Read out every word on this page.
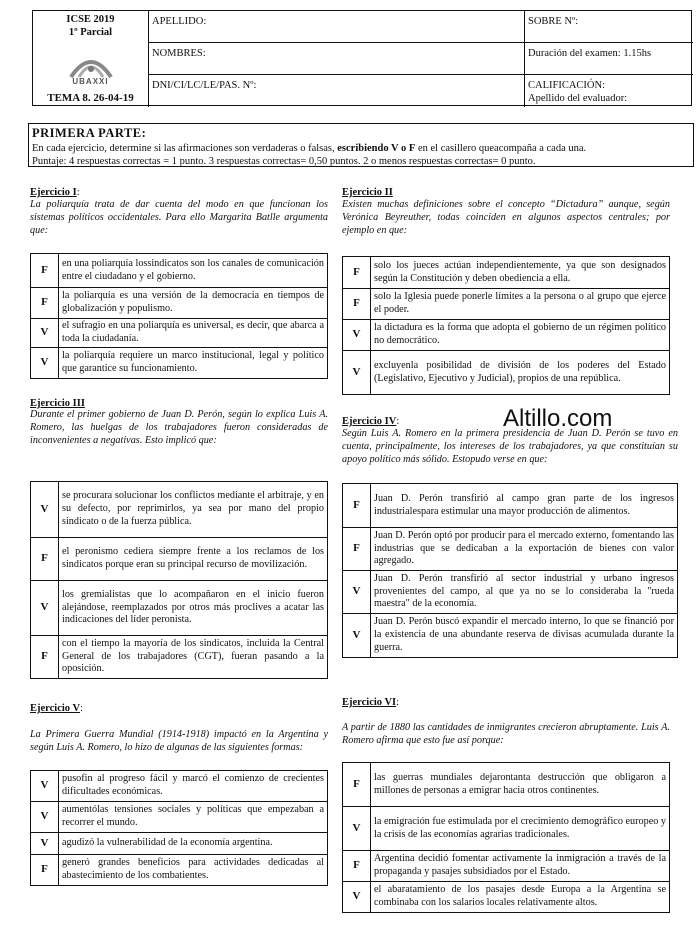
ICSE 2019
1º Parcial
UBAXXI
TEMA 8. 26-04-19
APELLIDO:	SOBRE Nº:
NOMBRES:	Duración del examen: 1.15hs
DNI/CI/LC/LE/PAS. Nº:	CALIFICACIÓN:
Apellido del evaluador:
PRIMERA PARTE:
En cada ejercicio, determine si las afirmaciones son verdaderas o falsas, escribiendo V o F en el casillero queacompaña a cada una.
Puntaje: 4 respuestas correctas = 1 punto. 3 respuestas correctas= 0,50 puntos. 2 o menos respuestas correctas= 0 punto.
Altillo.com
Ejercicio I:
La poliarquía trata de dar cuenta del modo en que funcionan los sistemas políticos occidentales. Para ello Margarita Batlle argumenta que:
F	en una poliarquía lossindicatos son los canales de comunicación entre el ciudadano y el gobierno.
F	la poliarquía es una versión de la democracia en tiempos de globalización y populismo.
V	el sufragio en una poliarquía es universal, es decir, que abarca a toda la ciudadanía.
V	la poliarquía requiere un marco institucional, legal y político que garantice su funcionamiento.
Ejercicio II
Existen muchas definiciones sobre el concepto “Dictadura” aunque, según Verónica Beyreuther, todas coinciden en algunos aspectos centrales; por ejemplo en que:
F	solo los jueces actúan independientemente, ya que son designados según la Constitución y deben obediencia a ella.
F	solo la Iglesia puede ponerle límites a la persona o al grupo que ejerce el poder.
V	la dictadura es la forma que adopta el gobierno de un régimen político no democrático.
V	excluyenla posibilidad de división de los poderes del Estado (Legislativo, Ejecutivo y Judicial), propios de una república.
Ejercicio III
Durante el primer gobierno de Juan D. Perón, según lo explica Luis A. Romero, las huelgas de los trabajadores fueron consideradas de inconvenientes a negativas. Esto implicó que:
V	se procurara solucionar los conflictos mediante el arbitraje, y en su defecto, por reprimirlos, ya sea por mano del propio sindicato o de la fuerza pública.
F	el peronismo cediera siempre frente a los reclamos de los sindicatos porque eran su principal recurso de movilización.
V	los gremialistas que lo acompañaron en el inicio fueron alejándose, reemplazados por otros más proclives a acatar las indicaciones del líder peronista.
F	con el tiempo la mayoría de los sindicatos, incluida la Central General de los trabajadores (CGT), fueran pasando a la oposición.
Ejercicio IV:
Según Luis A. Romero en la primera presidencia de Juan D. Perón se tuvo en cuenta, principalmente, los intereses de los trabajadores, ya que constituían su apoyo político más sólido. Estopudo verse en que:
F	Juan D. Perón transfirió al campo gran parte de los ingresos industrialespara estimular una mayor producción de alimentos.
F	Juan D. Perón optó por producir para el mercado externo, fomentando las industrias que se dedicaban a la exportación de bienes con valor agregado.
V	Juan D. Perón transfirió al sector industrial y urbano ingresos provenientes del campo, al que ya no se lo consideraba la "rueda maestra" de la economía.
V	Juan D. Perón buscó expandir el mercado interno, lo que se financió por la existencia de una abundante reserva de divisas acumulada durante la guerra.
Ejercicio V:
La Primera Guerra Mundial (1914-1918) impactó en la Argentina y según Luis A. Romero, lo hizo de algunas de las siguientes formas:
V	pusofin al progreso fácil y marcó el comienzo de crecientes dificultades económicas.
V	aumentólas tensiones sociales y políticas que empezaban a recorrer el mundo.
V	agudizó la vulnerabilidad de la economía argentina.
F	generó grandes beneficios para actividades dedicadas al abastecimiento de los combatientes.
Ejercicio VI:
A partir de 1880 las cantidades de inmigrantes crecieron abruptamente. Luis A. Romero afirma que esto fue así porque:
F	las guerras mundiales dejarontanta destrucción que obligaron a millones de personas a emigrar hacia otros continentes.
V	la emigración fue estimulada por el crecimiento demográfico europeo y la crisis de las economías agrarias tradicionales.
F	Argentina decidió fomentar activamente la inmigración a través de la propaganda y pasajes subsidiados por el Estado.
V	el abaratamiento de los pasajes desde Europa a la Argentina se combinaba con los salarios locales relativamente altos.
